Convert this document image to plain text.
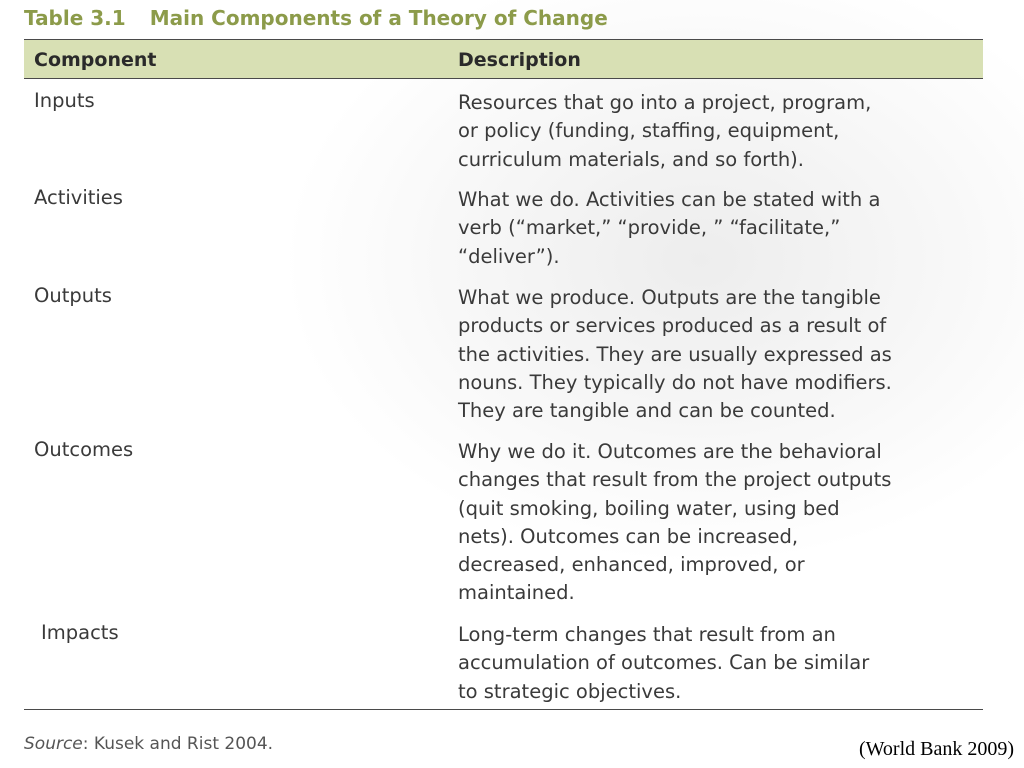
Table 3.1 Main Components of a Theory of Change
Component	Description
Inputs	Resources that go into a project, program,
or policy (funding, staffing, equipment,
curriculum materials, and so forth).
Activities	What we do. Activities can be stated with a
verb (“market,” “provide, ” “facilitate,”
“deliver”).
Outputs	What we produce. Outputs are the tangible
products or services produced as a result of
the activities. They are usually expressed as
nouns. They typically do not have modifiers.
They are tangible and can be counted.
Outcomes	Why we do it. Outcomes are the behavioral
changes that result from the project outputs
(quit smoking, boiling water, using bed
nets). Outcomes can be increased,
decreased, enhanced, improved, or
maintained.
Impacts	Long-term changes that result from an
accumulation of outcomes. Can be similar
to strategic objectives.
Source: Kusek and Rist 2004.	(World Bank 2009)
